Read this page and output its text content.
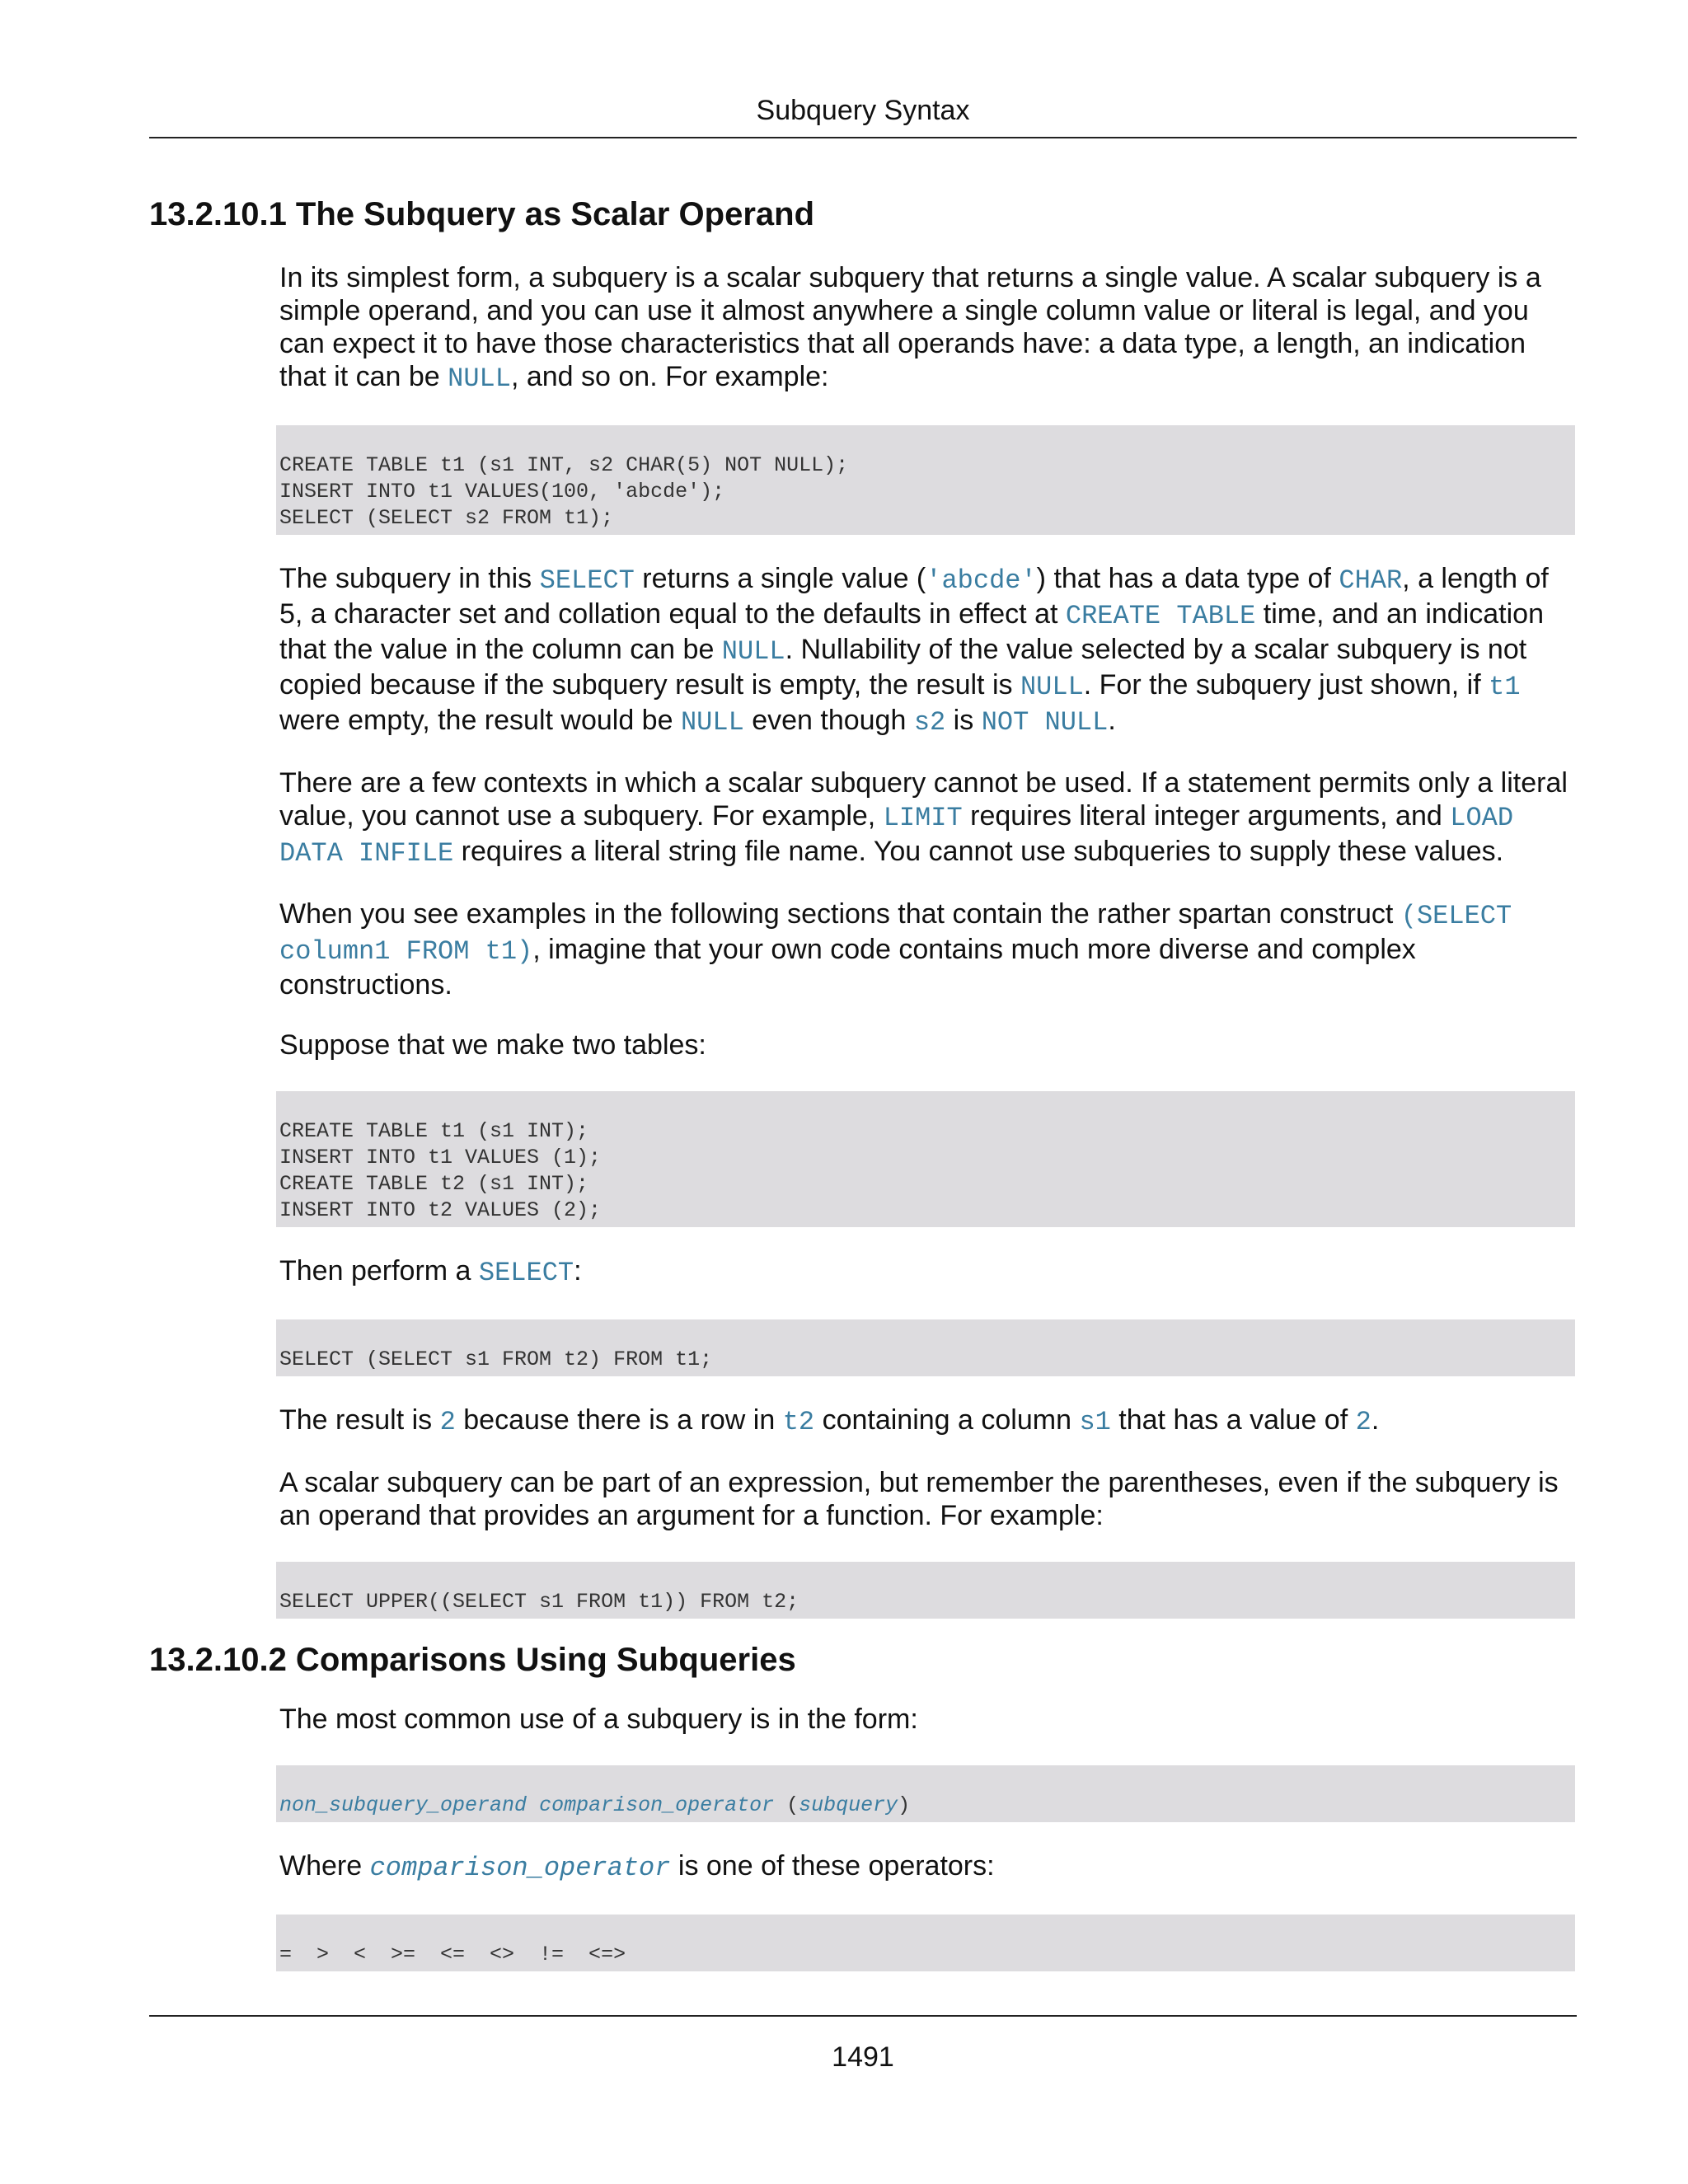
Subquery Syntax
13.2.10.1 The Subquery as Scalar Operand

In its simplest form, a subquery is a scalar subquery that returns a single value. A scalar subquery is a simple operand, and you can use it almost anywhere a single column value or literal is legal, and you can expect it to have those characteristics that all operands have: a data type, a length, an indication that it can be NULL, and so on. For example:

CREATE TABLE t1 (s1 INT, s2 CHAR(5) NOT NULL);
INSERT INTO t1 VALUES(100, 'abcde');
SELECT (SELECT s2 FROM t1);

The subquery in this SELECT returns a single value ('abcde') that has a data type of CHAR, a length of 5, a character set and collation equal to the defaults in effect at CREATE TABLE time, and an indication that the value in the column can be NULL. Nullability of the value selected by a scalar subquery is not copied because if the subquery result is empty, the result is NULL. For the subquery just shown, if t1 were empty, the result would be NULL even though s2 is NOT NULL.

There are a few contexts in which a scalar subquery cannot be used. If a statement permits only a literal value, you cannot use a subquery. For example, LIMIT requires literal integer arguments, and LOAD DATA INFILE requires a literal string file name. You cannot use subqueries to supply these values.

When you see examples in the following sections that contain the rather spartan construct (SELECT column1 FROM t1), imagine that your own code contains much more diverse and complex constructions.

Suppose that we make two tables:

CREATE TABLE t1 (s1 INT);
INSERT INTO t1 VALUES (1);
CREATE TABLE t2 (s1 INT);
INSERT INTO t2 VALUES (2);

Then perform a SELECT:

SELECT (SELECT s1 FROM t2) FROM t1;

The result is 2 because there is a row in t2 containing a column s1 that has a value of 2.

A scalar subquery can be part of an expression, but remember the parentheses, even if the subquery is an operand that provides an argument for a function. For example:

SELECT UPPER((SELECT s1 FROM t1)) FROM t2;
13.2.10.2 Comparisons Using Subqueries

The most common use of a subquery is in the form:

non_subquery_operand comparison_operator (subquery)

Where comparison_operator is one of these operators:

=  >  <  >=  <=  <>  !=  <=>
1491
